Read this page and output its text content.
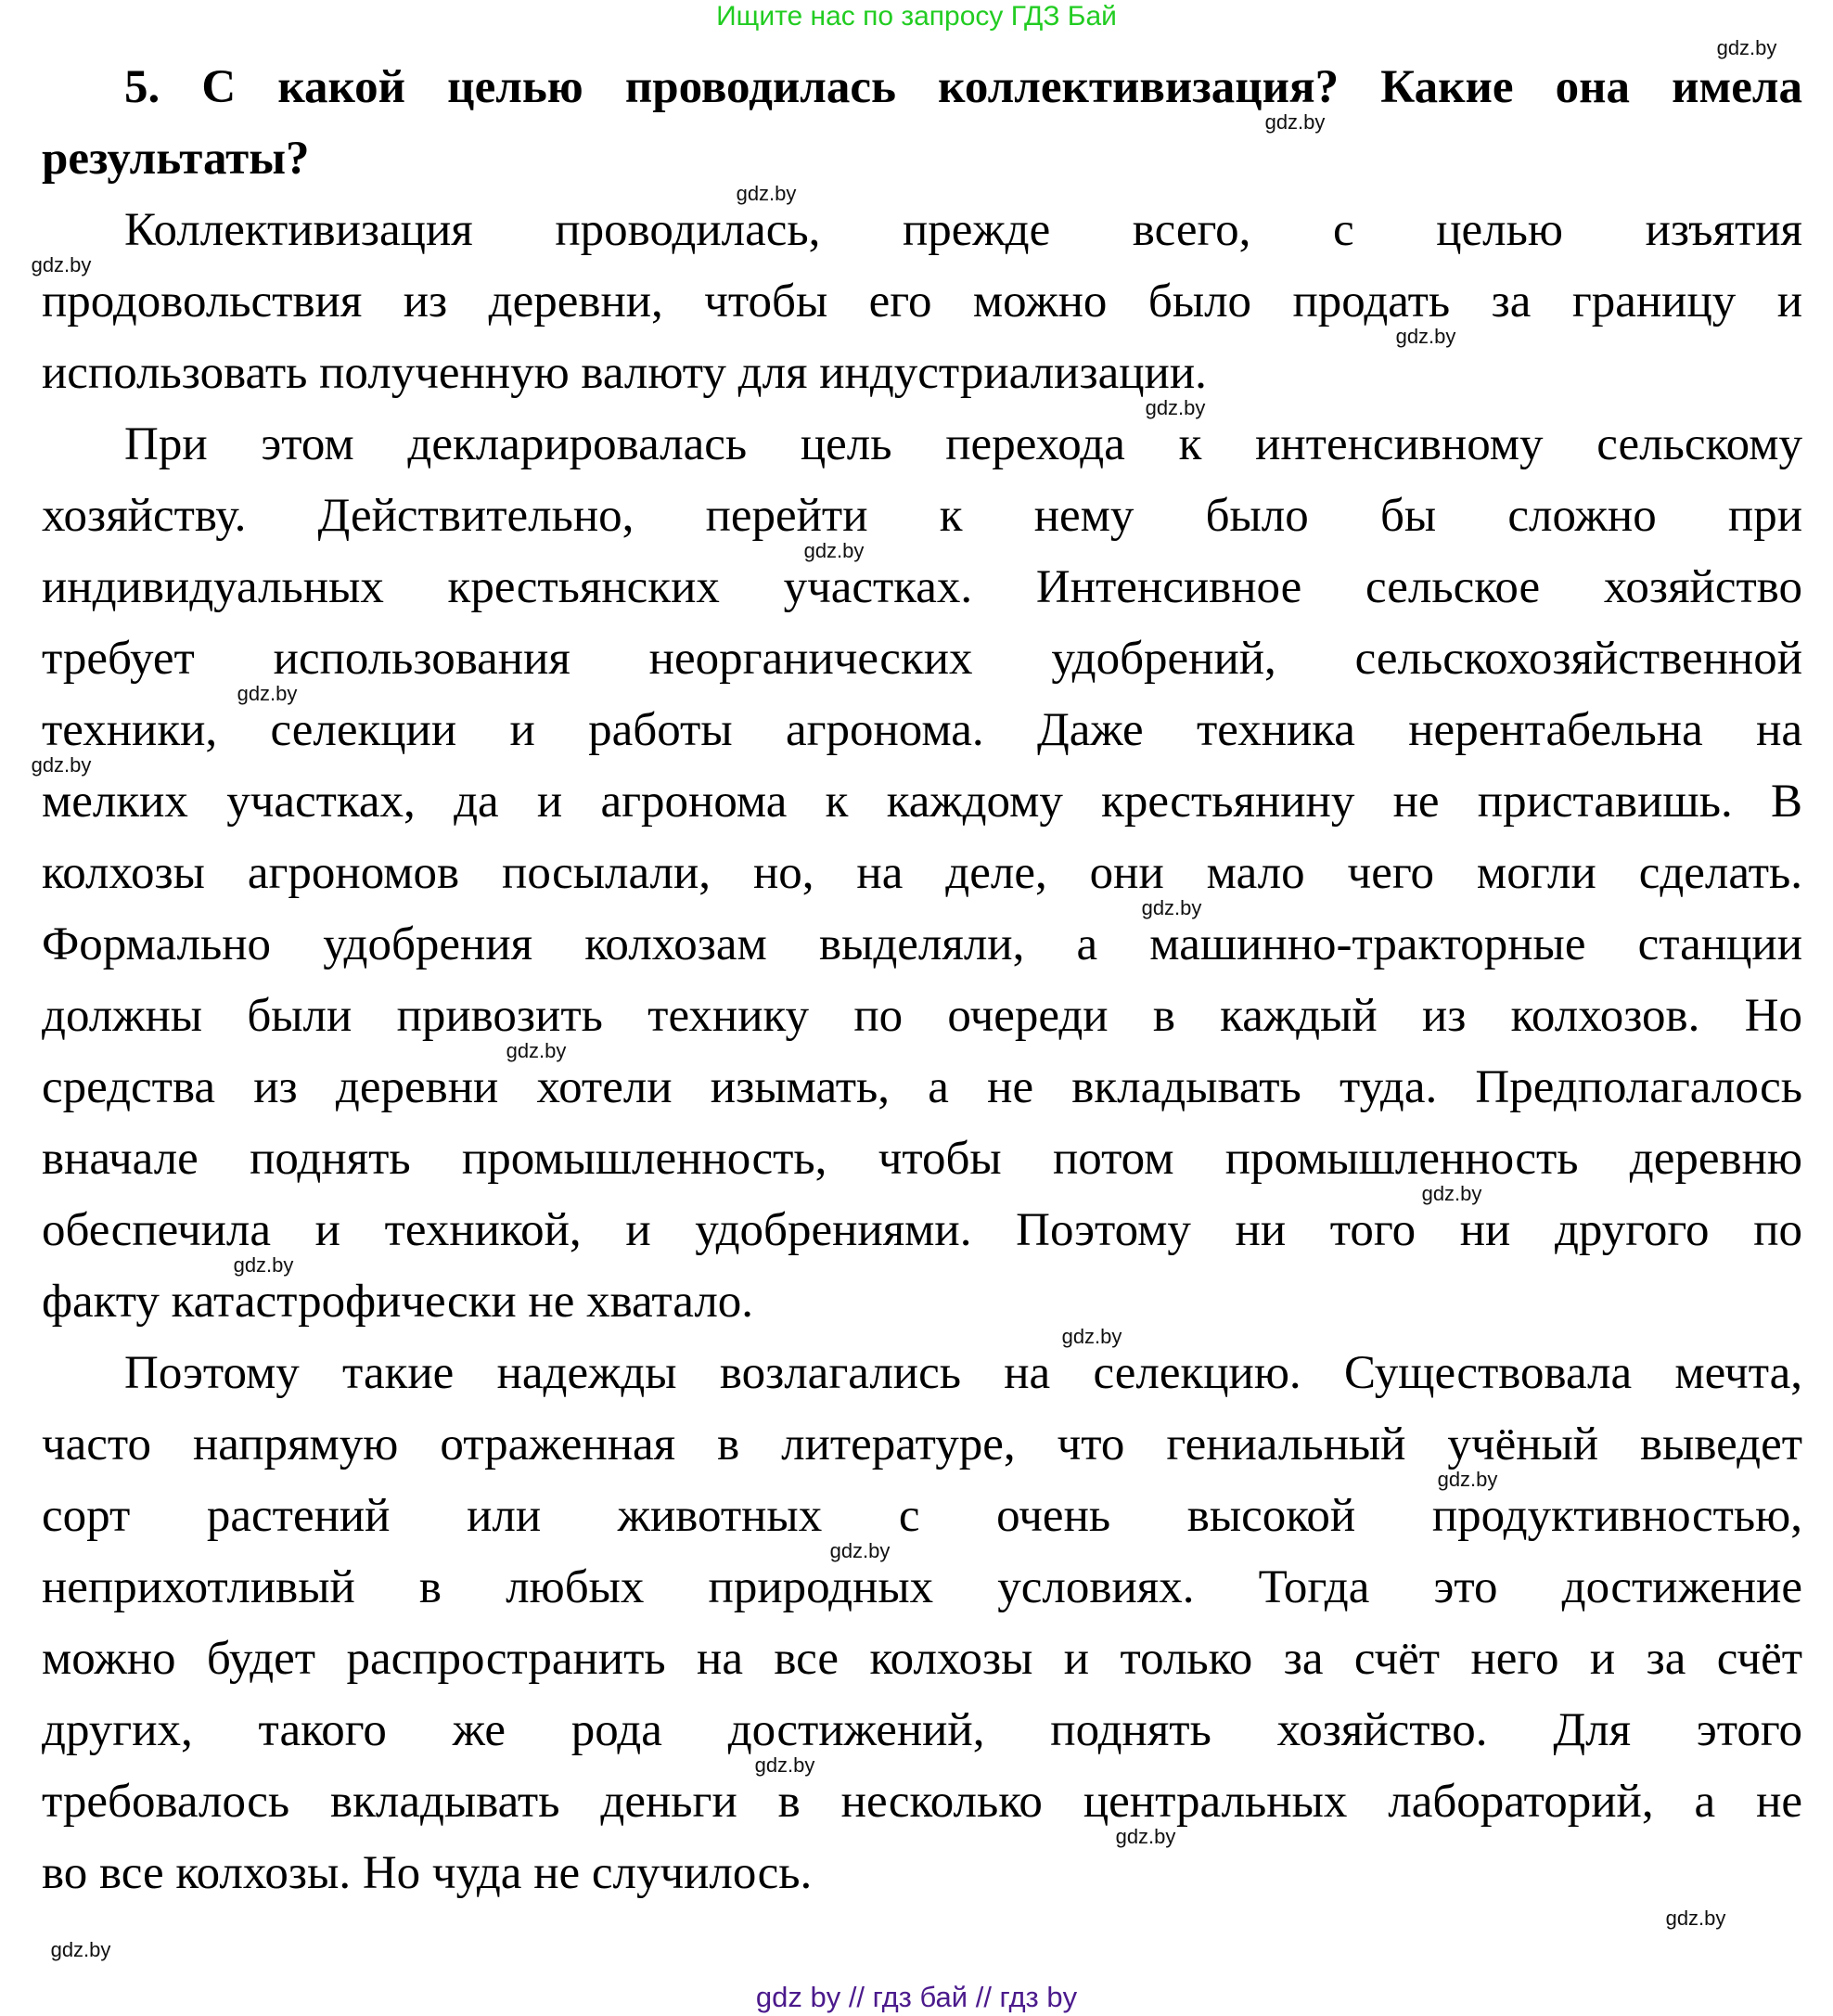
Ищите нас по запросу ГДЗ Бай
5. С какой целью проводилась коллективизация? Какие она имела
результаты?
Коллективизация проводилась, прежде всего, с целью изъятия
продовольствия из деревни, чтобы его можно было продать за границу и
использовать полученную валюту для индустриализации.
При этом декларировалась цель перехода к интенсивному сельскому
хозяйству. Действительно, перейти к нему было бы сложно при
индивидуальных крестьянских участках. Интенсивное сельское хозяйство
требует использования неорганических удобрений, сельскохозяйственной
техники, селекции и работы агронома. Даже техника нерентабельна на
мелких участках, да и агронома к каждому крестьянину не приставишь. В
колхозы агрономов посылали, но, на деле, они мало чего могли сделать.
Формально удобрения колхозам выделяли, а машинно-тракторные станции
должны были привозить технику по очереди в каждый из колхозов. Но
средства из деревни хотели изымать, а не вкладывать туда. Предполагалось
вначале поднять промышленность, чтобы потом промышленность деревню
обеспечила и техникой, и удобрениями. Поэтому ни того ни другого по
факту катастрофически не хватало.
Поэтому такие надежды возлагались на селекцию. Существовала мечта,
часто напрямую отраженная в литературе, что гениальный учёный выведет
сорт растений или животных с очень высокой продуктивностью,
неприхотливый в любых природных условиях. Тогда это достижение
можно будет распространить на все колхозы и только за счёт него и за счёт
других, такого же рода достижений, поднять хозяйство. Для этого
требовалось вкладывать деньги в несколько центральных лабораторий, а не
во все колхозы. Но чуда не случилось.
gdz.by
gdz.by
gdz.by
gdz.by
gdz.by
gdz.by
gdz.by
gdz.by
gdz.by
gdz.by
gdz.by
gdz.by
gdz.by
gdz.by
gdz.by
gdz.by
gdz.by
gdz.by
gdz.by
gdz.by
gdz by // гдз бай // гдз by
